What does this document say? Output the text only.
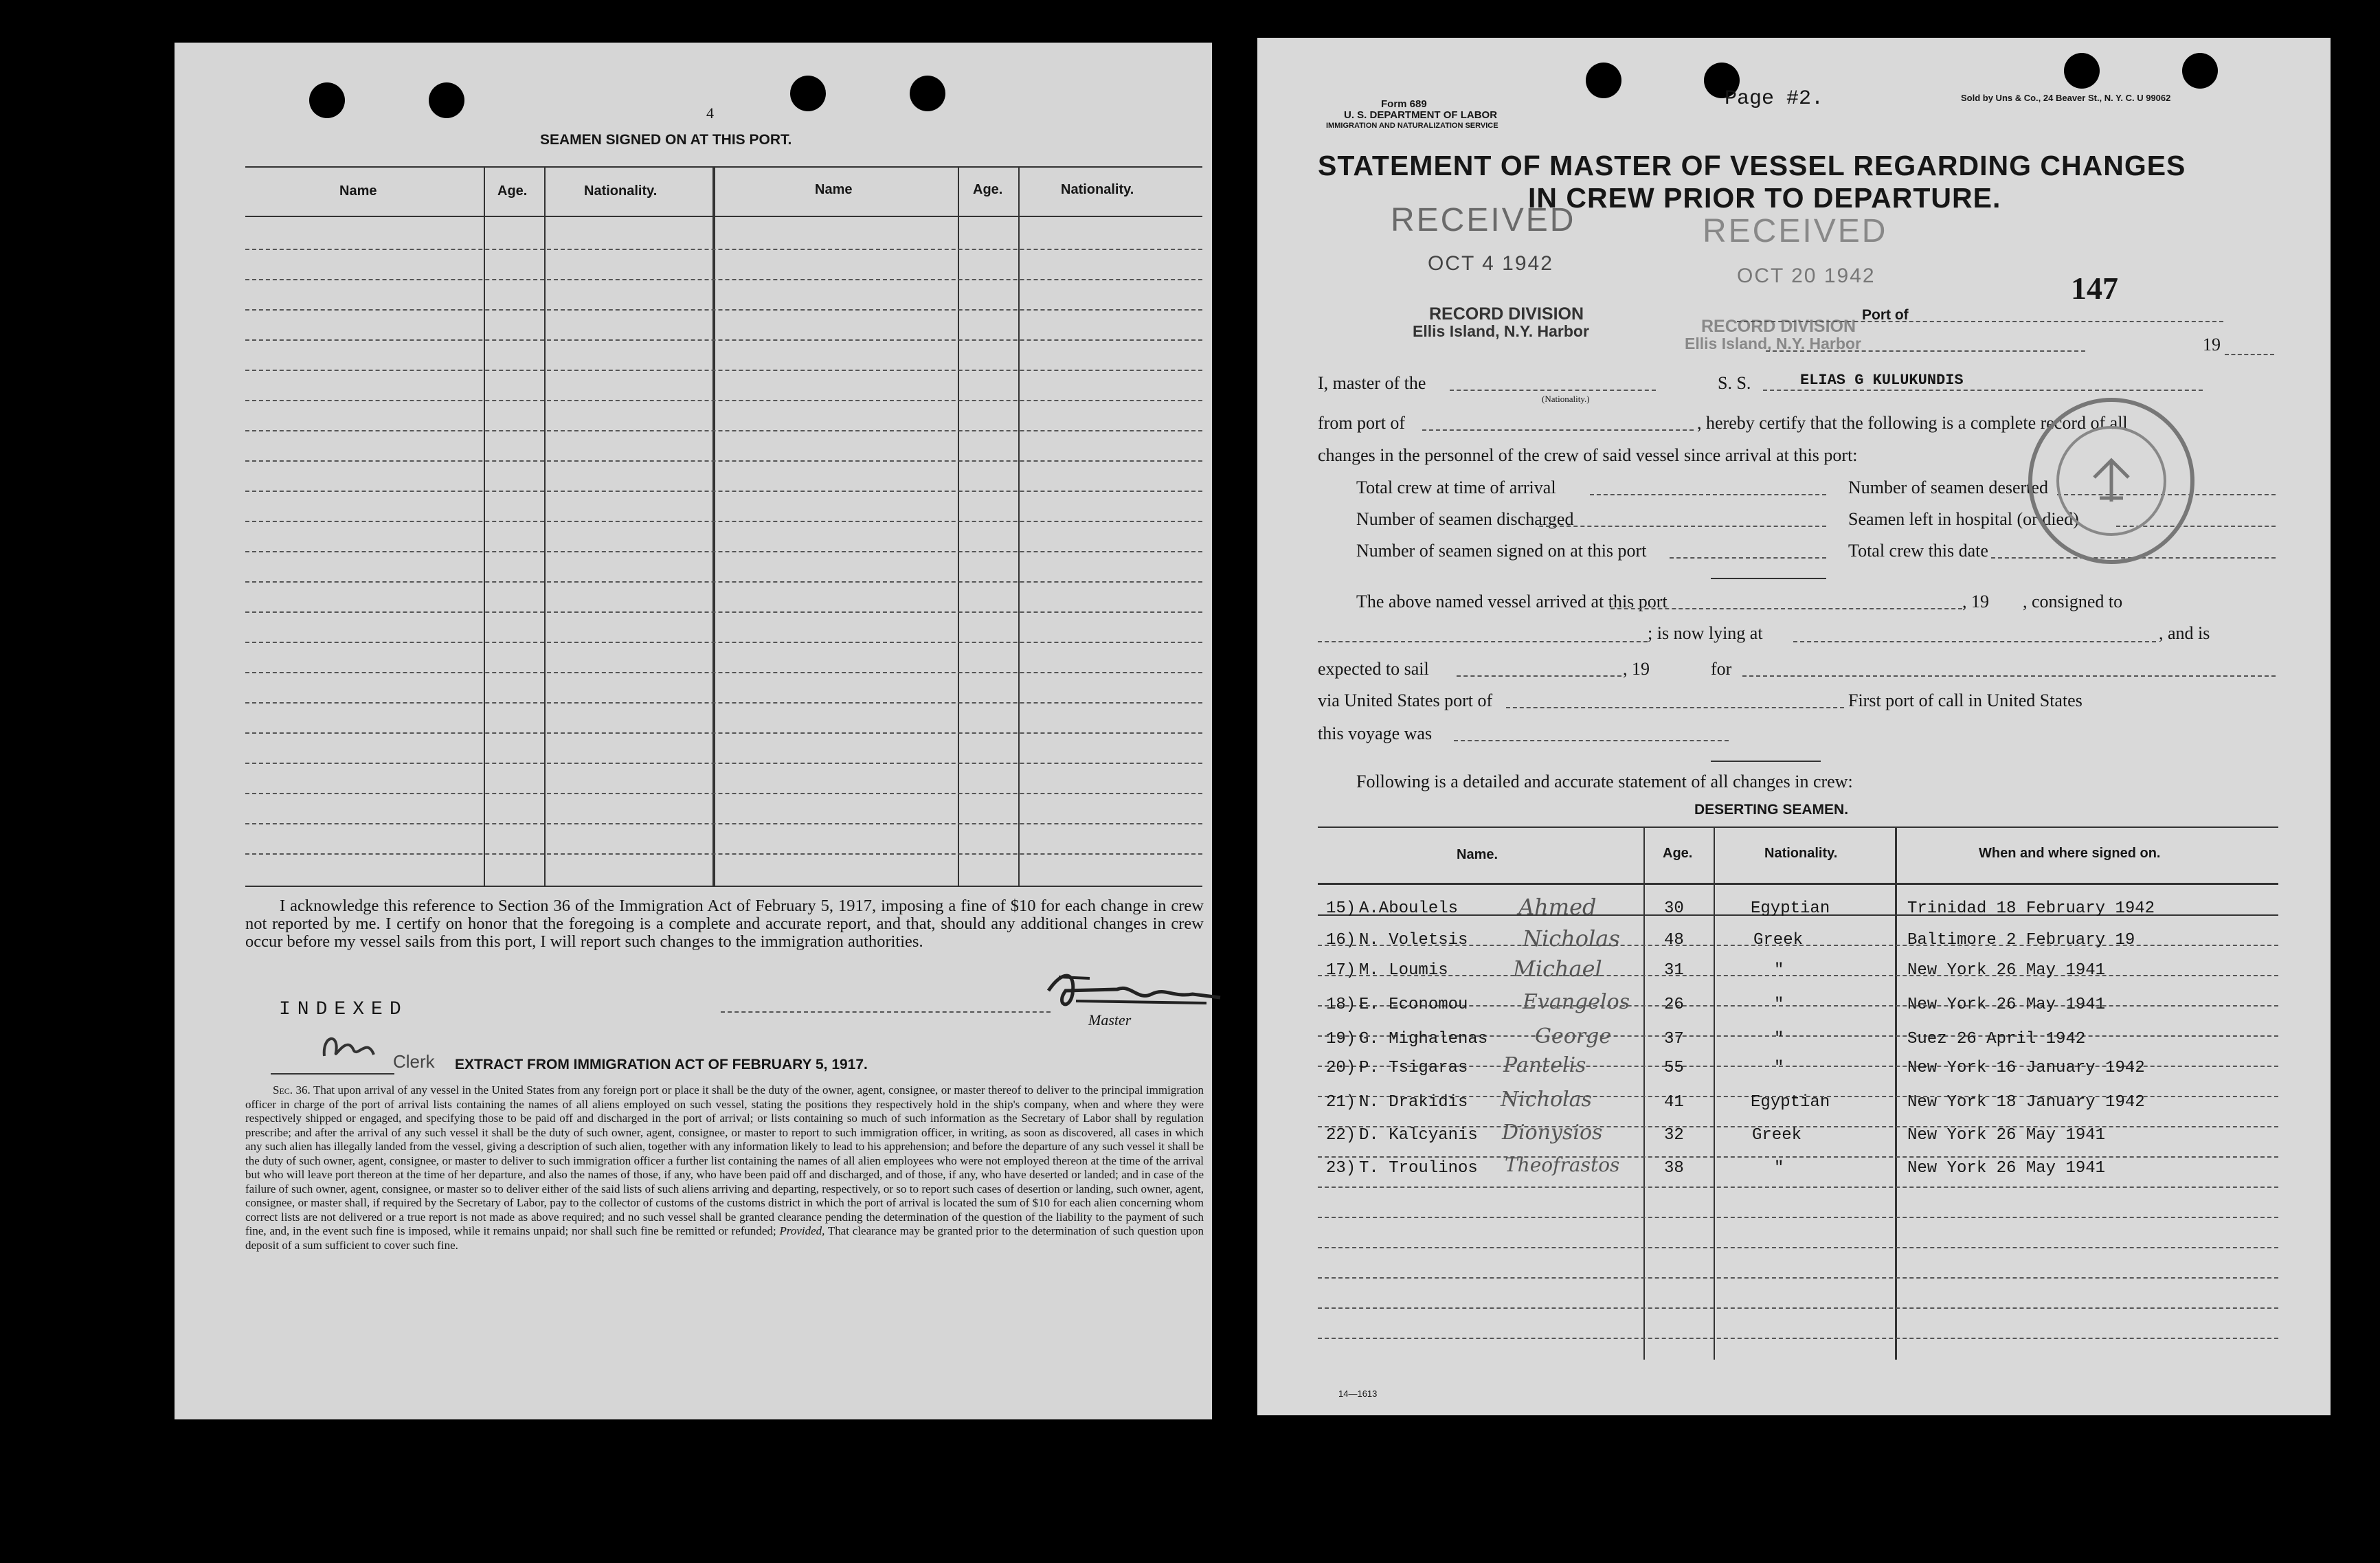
4
SEAMEN SIGNED ON AT THIS PORT.
Name	Age.	Nationality.	Name	Age.	Nationality.
I acknowledge this reference to Section 36 of the Immigration Act of February 5, 1917, imposing a fine of $10 for each change in crew not reported by me. I certify on honor that the foregoing is a complete and accurate report, and that, should any additional changes in crew occur before my vessel sails from this port, I will report such changes to the immigration authorities.
INDEXED	Master
Clerk EXTRACT FROM IMMIGRATION ACT OF FEBRUARY 5, 1917.
Sec. 36. That upon arrival of any vessel in the United States from any foreign port or place it shall be the duty of the owner, agent, consignee, or master thereof to deliver to the principal immigration officer in charge of the port of arrival lists containing the names of all aliens employed on such vessel, stating the positions they respectively hold in the ship's company, when and where they were respectively shipped or engaged, and specifying those to be paid off and discharged in the port of arrival; or lists containing so much of such information as the Secretary of Labor shall by regulation prescribe; and after the arrival of any such vessel it shall be the duty of such owner, agent, consignee, or master to report to such immigration officer, in writing, as soon as discovered, all cases in which any such alien has illegally landed from the vessel, giving a description of such alien, together with any information likely to lead to his apprehension; and before the departure of any such vessel it shall be the duty of such owner, agent, consignee, or master to deliver to such immigration officer a further list containing the names of all alien employees who were not employed thereon at the time of the arrival but who will leave port thereon at the time of her departure, and also the names of those, if any, who have been paid off and discharged, and of those, if any, who have deserted or landed; and in case of the failure of such owner, agent, consignee, or master so to deliver either of the said lists of such aliens arriving and departing, respectively, or so to report such cases of desertion or landing, such owner, agent, consignee, or master shall, if required by the Secretary of Labor, pay to the collector of customs of the customs district in which the port of arrival is located the sum of $10 for each alien concerning whom correct lists are not delivered or a true report is not made as above required; and no such vessel shall be granted clearance pending the determination of the question of the liability to the payment of such fine, and, in the event such fine is imposed, while it remains unpaid; nor shall such fine be remitted or refunded; Provided, That clearance may be granted prior to the determination of such question upon deposit of a sum sufficient to cover such fine.
Form 689
U. S. DEPARTMENT OF LABOR
IMMIGRATION AND NATURALIZATION SERVICE
Page #2.	Sold by Uns & Co., 24 Beaver St., N. Y. C. U 99062
STATEMENT OF MASTER OF VESSEL REGARDING CHANGES
IN CREW PRIOR TO DEPARTURE.
RECEIVED
OCT 4 1942
RECORD DIVISION
Ellis Island, N.Y. Harbor
RECEIVED
OCT 20 1942
RECORD DIVISION
Ellis Island, N.Y. Harbor
147
Port of
19
I, master of the
(Nationality.)
S. S.	ELIAS G KULUKUNDIS
from port of	, hereby certify that the following is a complete record of all
changes in the personnel of the crew of said vessel since arrival at this port:
Total crew at time of arrival	Number of seamen deserted
Number of seamen discharged	Seamen left in hospital (or died)
Number of seamen signed on at this port	Total crew this date
The above named vessel arrived at this port	, 19 , consigned to
; is now lying at	, and is
expected to sail	, 19	for
via United States port of	First port of call in United States
this voyage was
Following is a detailed and accurate statement of all changes in crew:
DESERTING SEAMEN.
Name.	Age.	Nationality.	When and where signed on.
15) A.Aboulels	Ahmed	30	Egyptian	Trinidad 18 February 1942
16) N. Voletsis Nicholas	48	Greek	Baltimore 2 February 19
17) M. Loumis	Michael	31	"	New York 26 May 1941
18) E. Economou	Evangelos 26	"	New York 26 May 1941
19) G. Mighalenas George	37	"	Suez 26 April 1942
20) P. Tsigaras Pantelis	55	"	New York 16 January 1942
21) N. Drakidis Nicholas	41	Egyptian	New York 18 January 1942
22) D. Kalcyanis Dionysios	32	Greek	New York 26 May 1941
23) T. Troulinos Theofrastos	38	"	New York 26 May 1941
14—1613
